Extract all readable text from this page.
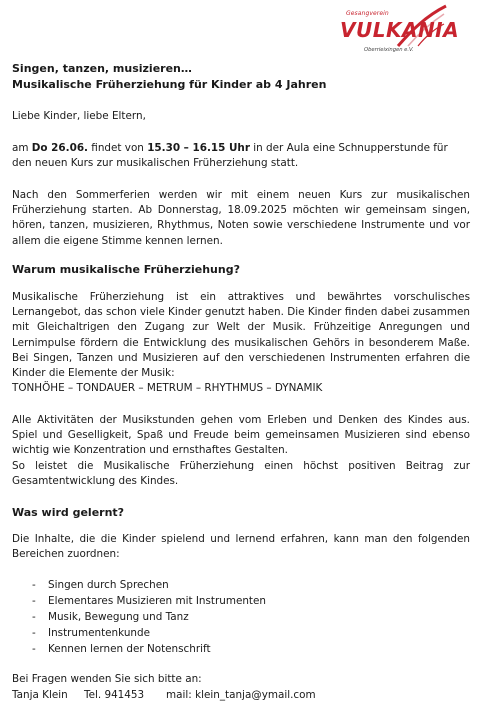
Gesangverein
VULKANIA
Oberrieixingen e.V.
Singen, tanzen, musizieren…
Musikalische Früherziehung für Kinder ab 4 Jahren

Liebe Kinder, liebe Eltern,

am Do 26.06. findet von 15.30 – 16.15 Uhr in der Aula eine Schnupperstunde für den neuen Kurs zur musikalischen Früherziehung statt.

Nach den Sommerferien werden wir mit einem neuen Kurs zur musikalischen Früherziehung starten. Ab Donnerstag, 18.09.2025 möchten wir gemeinsam singen, hören, tanzen, musizieren, Rhythmus, Noten sowie verschiedene Instrumente und vor allem die eigene Stimme kennen lernen.

Warum musikalische Früherziehung?

Musikalische Früherziehung ist ein attraktives und bewährtes vorschulisches Lernangebot, das schon viele Kinder genutzt haben. Die Kinder finden dabei zusammen mit Gleichaltrigen den Zugang zur Welt der Musik. Frühzeitige Anregungen und Lernimpulse fördern die Entwicklung des musikalischen Gehörs in besonderem Maße. Bei Singen, Tanzen und Musizieren auf den verschiedenen Instrumenten erfahren die Kinder die Elemente der Musik:

TONHÖHE – TONDAUER – METRUM – RHYTHMUS – DYNAMIK

Alle Aktivitäten der Musikstunden gehen vom Erleben und Denken des Kindes aus. Spiel und Geselligkeit, Spaß und Freude beim gemeinsamen Musizieren sind ebenso wichtig wie Konzentration und ernsthaftes Gestalten.

So leistet die Musikalische Früherziehung einen höchst positiven Beitrag zur Gesamtentwicklung des Kindes.

Was wird gelernt?

Die Inhalte, die die Kinder spielend und lernend erfahren, kann man den folgenden Bereichen zuordnen:

- Singen durch Sprechen
- Elementares Musizieren mit Instrumenten
- Musik, Bewegung und Tanz
- Instrumentenkunde
- Kennen lernen der Notenschrift

Bei Fragen wenden Sie sich bitte an:

Tanja Klein Tel. 941453 mail: klein_tanja@ymail.com
